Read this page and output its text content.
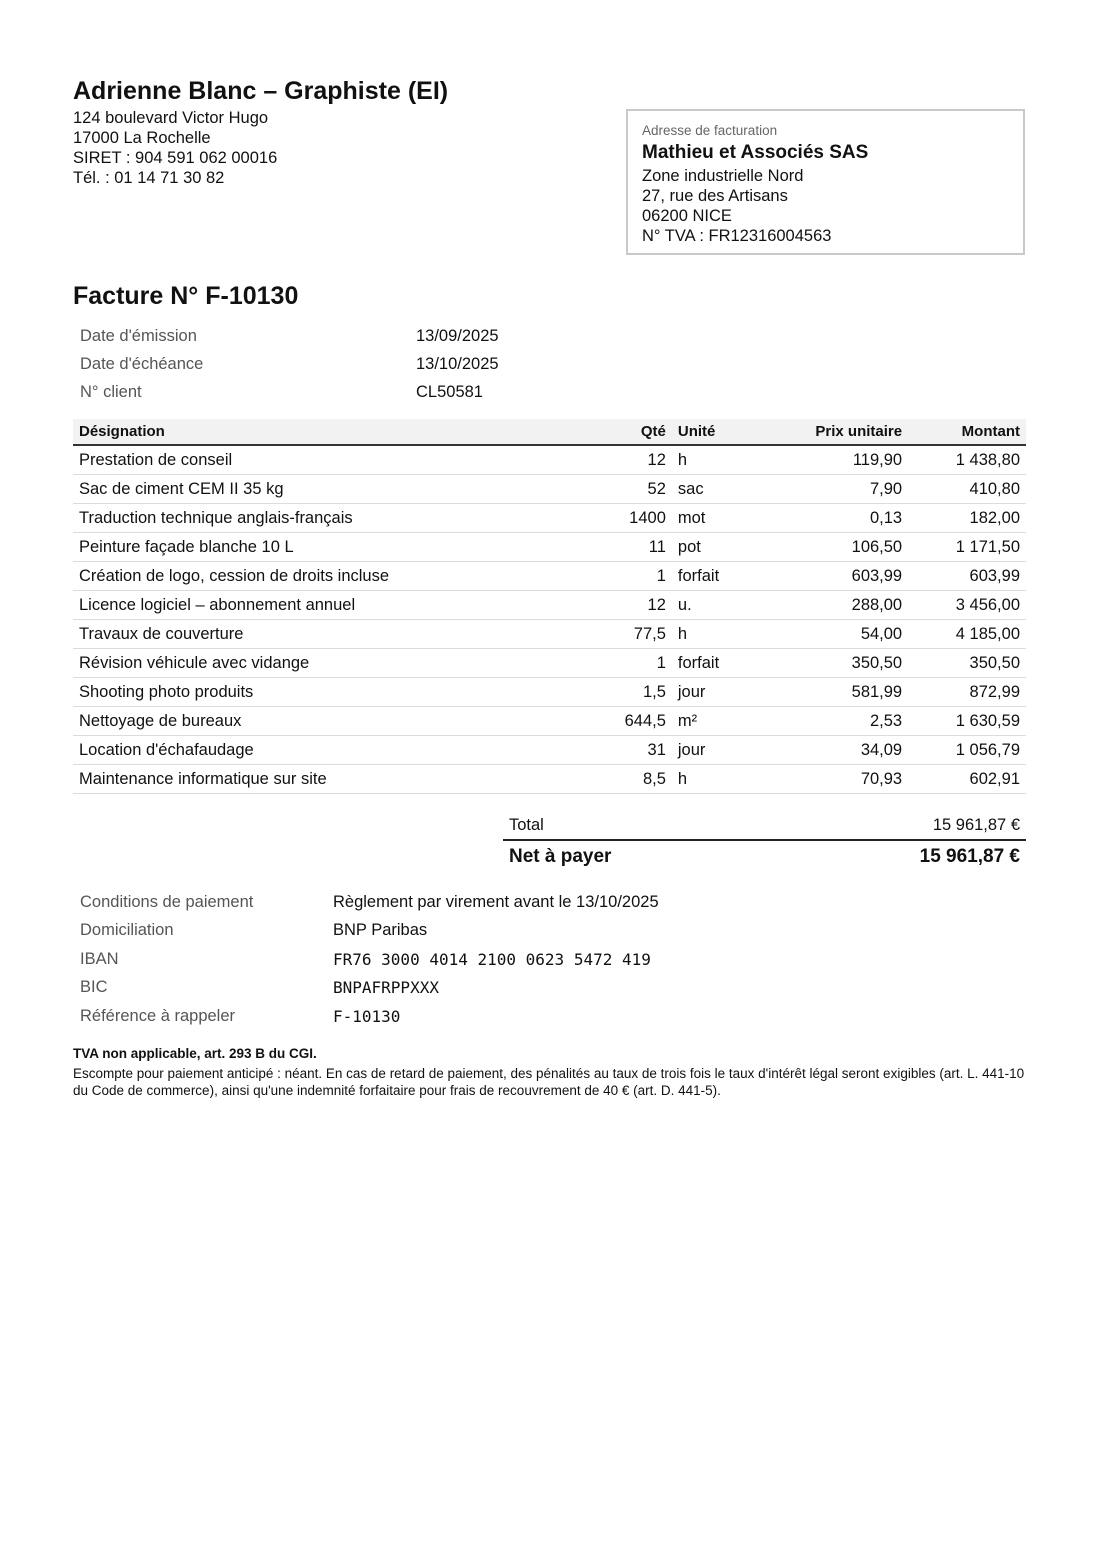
Adrienne Blanc – Graphiste (EI)
124 boulevard Victor Hugo
17000 La Rochelle
SIRET : 904 591 062 00016
Tél. : 01 14 71 30 82
Adresse de facturation
Mathieu et Associés SAS
Zone industrielle Nord
27, rue des Artisans
06200 NICE
N° TVA : FR12316004563
Facture N° F-10130
Date d'émission	13/09/2025
Date d'échéance	13/10/2025
N° client	CL50581
Désignation	Qté	Unité	Prix unitaire	Montant
Prestation de conseil	12	h	119,90	1 438,80
Sac de ciment CEM II 35 kg	52	sac	7,90	410,80
Traduction technique anglais-français	1400	mot	0,13	182,00
Peinture façade blanche 10 L	11	pot	106,50	1 171,50
Création de logo, cession de droits incluse	1	forfait	603,99	603,99
Licence logiciel – abonnement annuel	12	u.	288,00	3 456,00
Travaux de couverture	77,5	h	54,00	4 185,00
Révision véhicule avec vidange	1	forfait	350,50	350,50
Shooting photo produits	1,5	jour	581,99	872,99
Nettoyage de bureaux	644,5	m²	2,53	1 630,59
Location d'échafaudage	31	jour	34,09	1 056,79
Maintenance informatique sur site	8,5	h	70,93	602,91
Total	15 961,87 €
Net à payer	15 961,87 €
Conditions de paiement	Règlement par virement avant le 13/10/2025
Domiciliation	BNP Paribas
IBAN	FR76 3000 4014 2100 0623 5472 419
BIC	BNPAFRPPXXX
Référence à rappeler	F-10130
TVA non applicable, art. 293 B du CGI.
Escompte pour paiement anticipé : néant. En cas de retard de paiement, des pénalités au taux de trois fois le taux d'intérêt légal seront exigibles (art. L. 441-10 du Code de commerce), ainsi qu'une indemnité forfaitaire pour frais de recouvrement de 40 € (art. D. 441-5).
